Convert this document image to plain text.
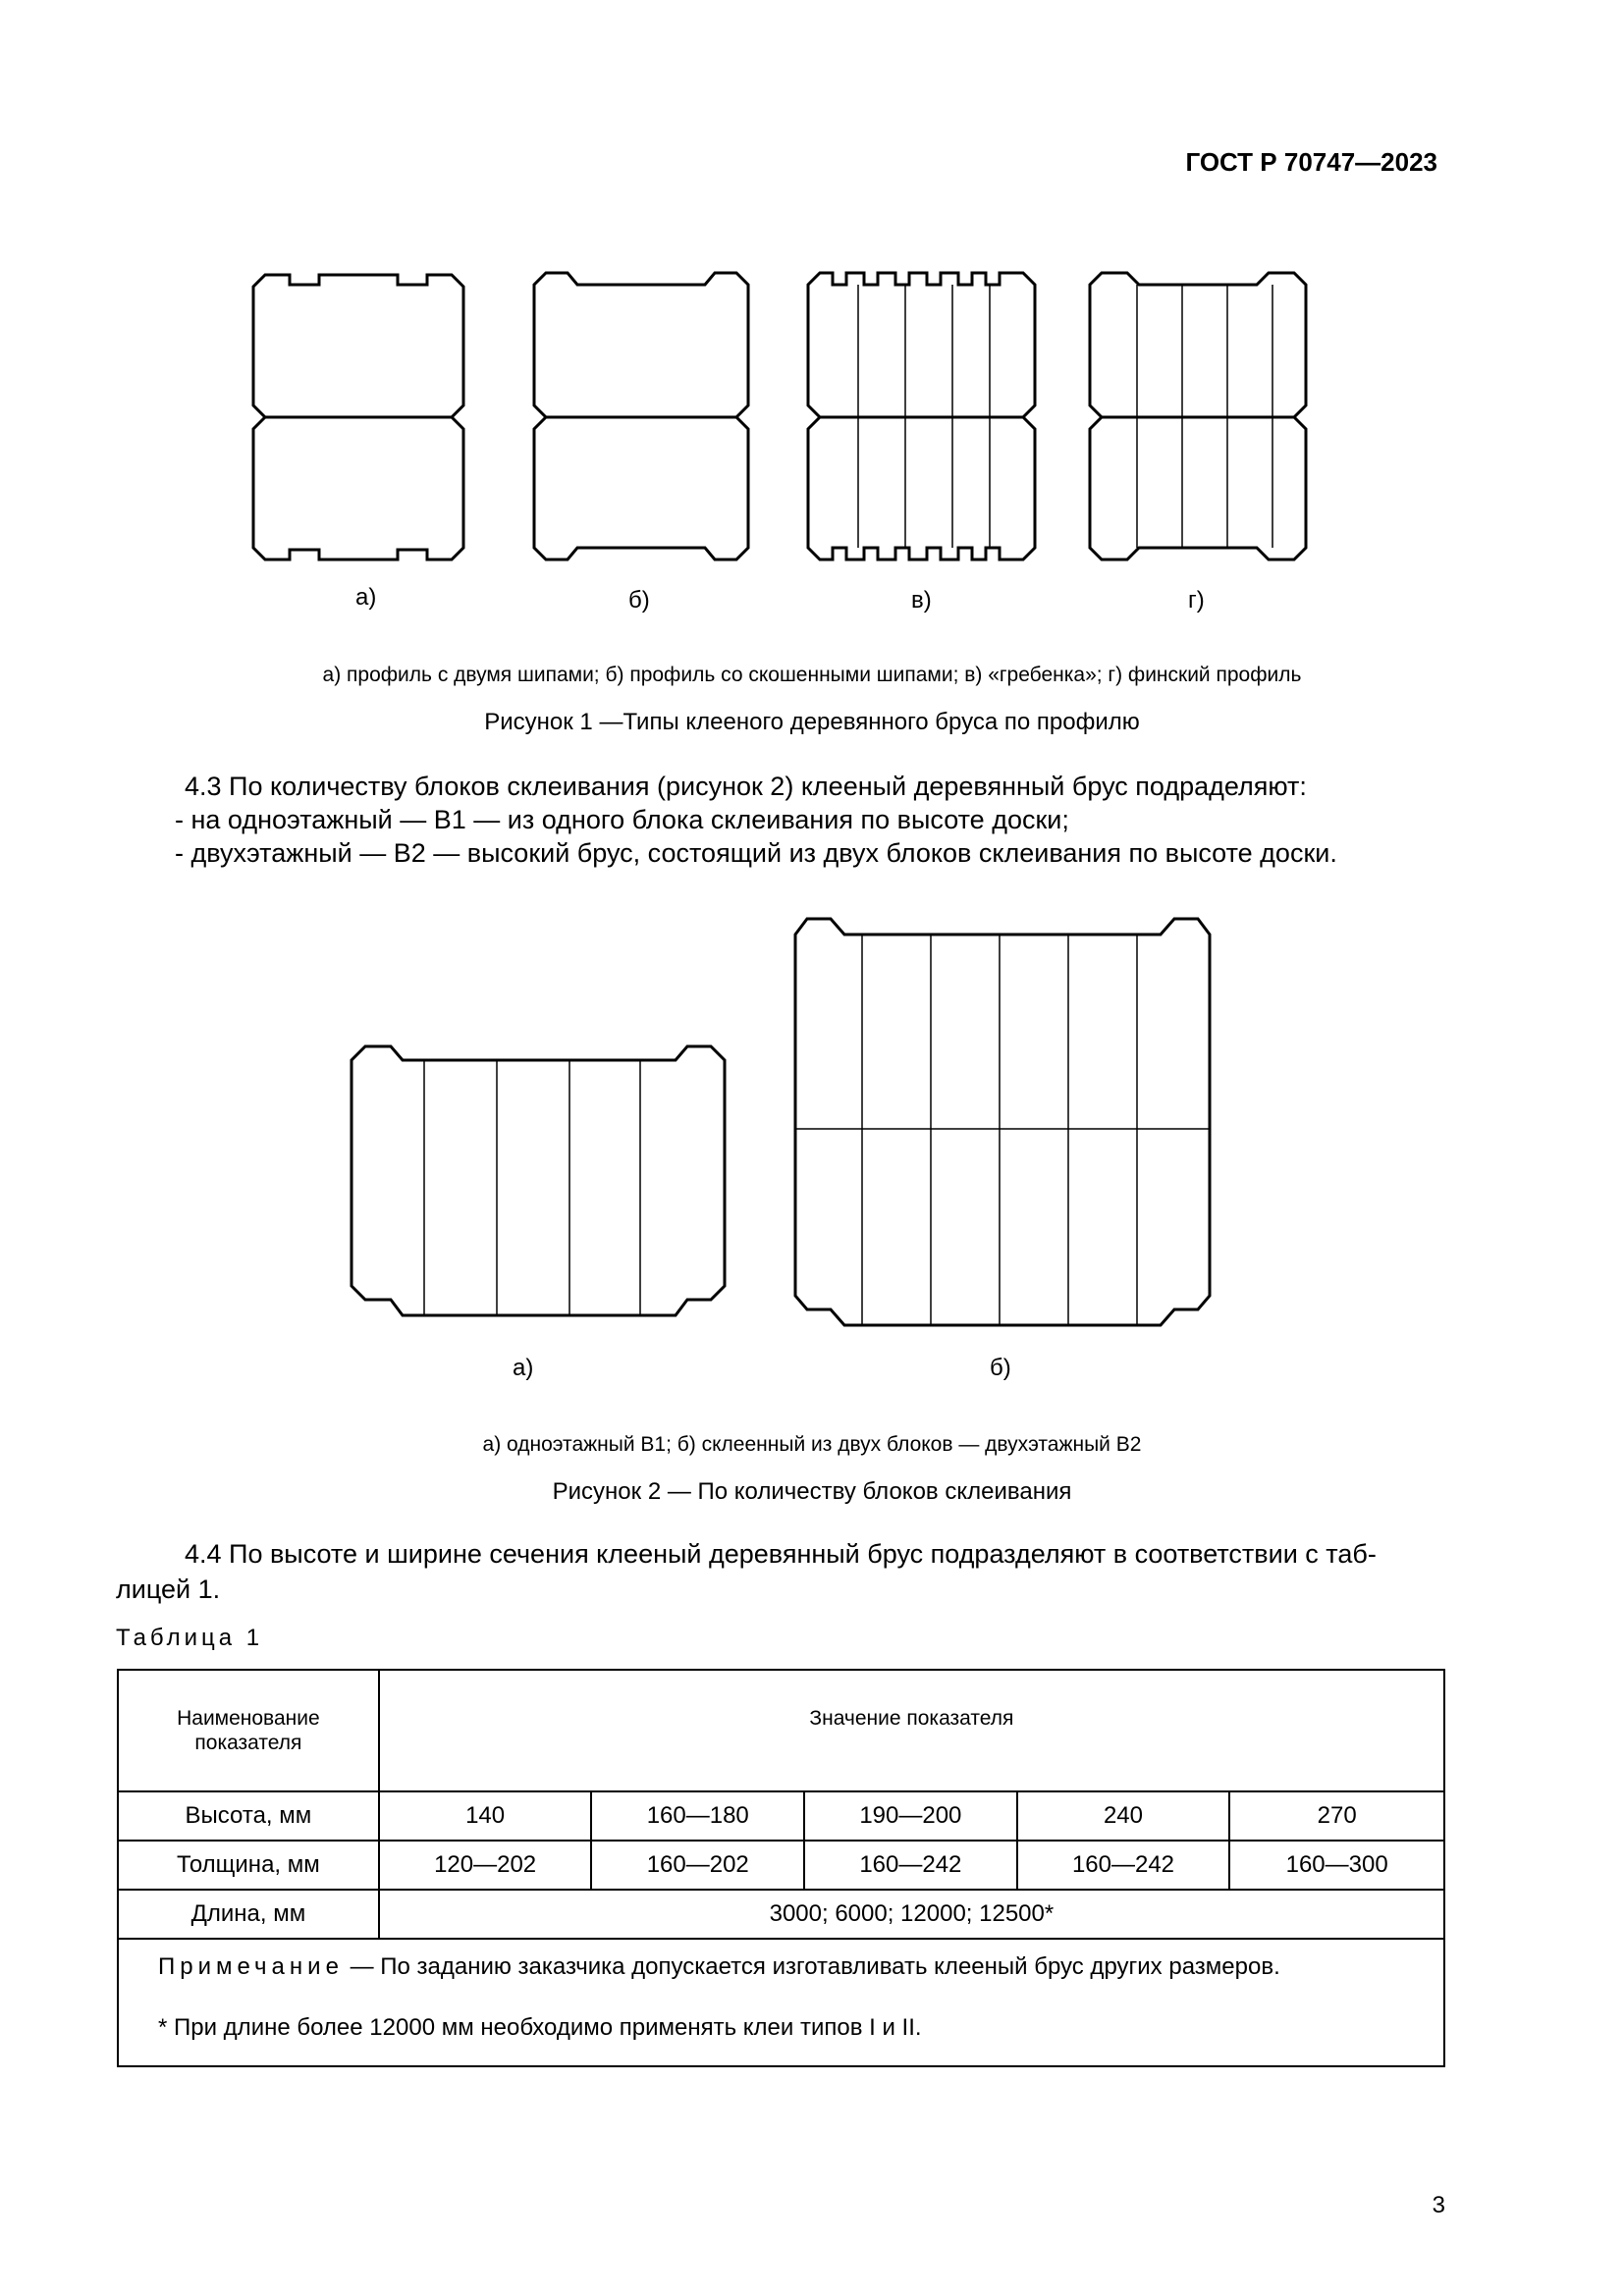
ГОСТ Р 70747—2023
а)	б)	в)	г)
а) профиль с двумя шипами; б) профиль со скошенными шипами; в) «гребенка»; г) финский профиль
Рисунок 1 —Типы клееного деревянного бруса по профилю
4.3 По количеству блоков склеивания (рисунок 2) клееный деревянный брус подраделяют:
- на одноэтажный — В1 — из одного блока склеивания по высоте доски;
- двухэтажный — В2 — высокий брус, состоящий из двух блоков склеивания по высоте доски.
а)	б)
а) одноэтажный В1; б) склеенный из двух блоков — двухэтажный В2
Рисунок 2 — По количеству блоков склеивания
4.4 По высоте и ширине сечения клееный деревянный брус подразделяют в соответствии с таб-
лицей 1.
Таблица 1
Наименование показателя	Значение показателя				
Высота, мм	140	160—180	190—200	240	270
Толщина, мм	120—202	160—202	160—242	160—242	160—300
Длина, мм	3000; 6000; 12000; 12500*				

Примечание — По заданию заказчика допускается изготавливать клееный брус других размеров.
* При длине более 12000 мм необходимо применять клеи типов I и II.					
3
